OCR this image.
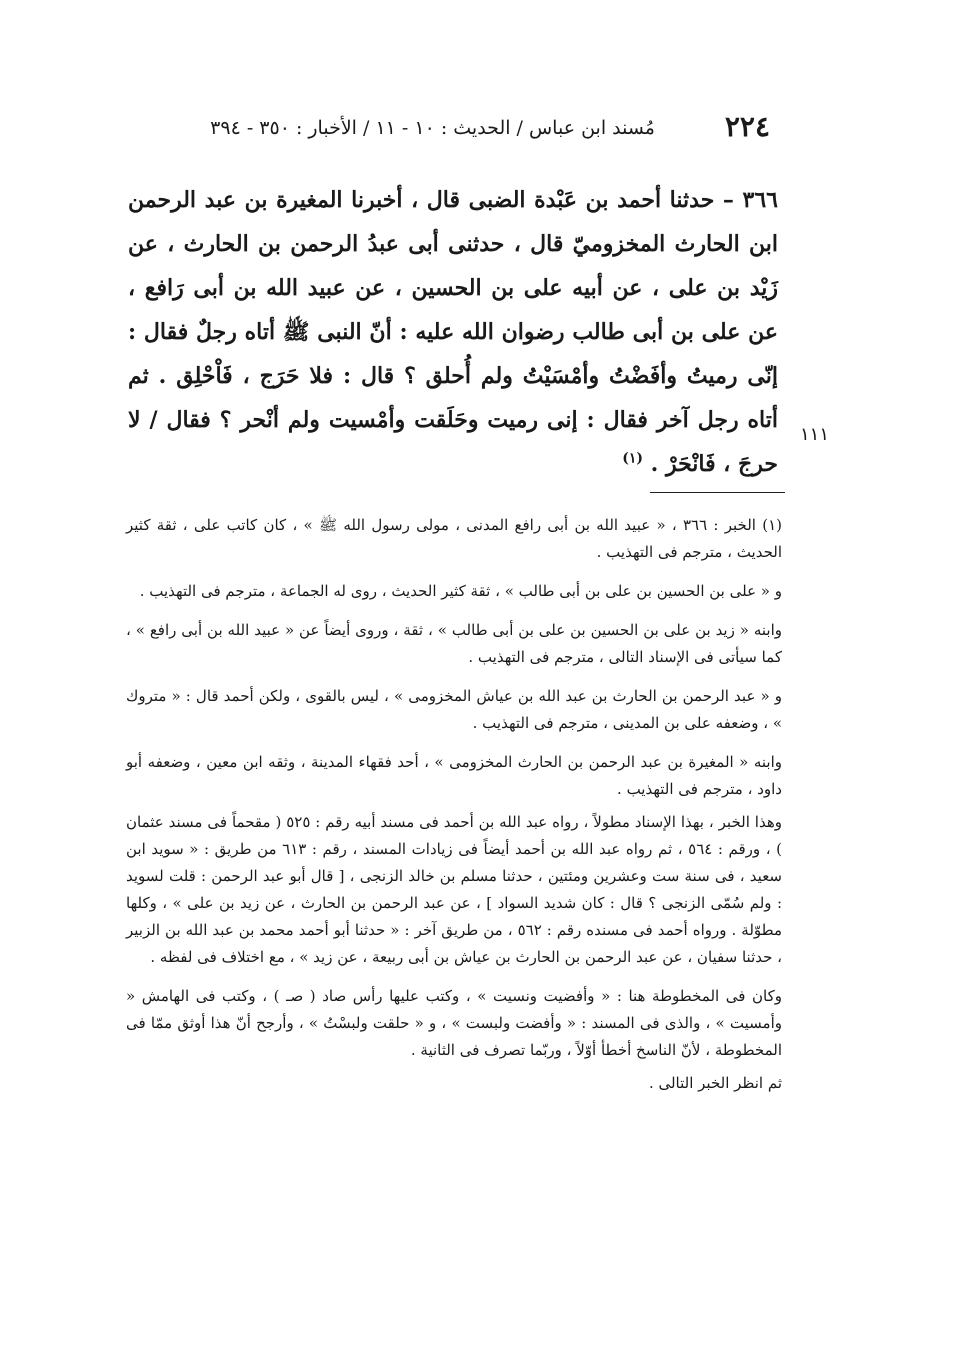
٢٢٤
مُسند ابن عباس / الحديث : ١٠ - ١١ / الأخبار : ٣٥٠ - ٣٩٤

٣٦٦ – حدثنا أحمد بن عَبْدة الضبى قال ، أخبرنا المغيرة بن عبد الرحمن ابن الحارث المخزوميّ قال ، حدثنى أبى عبدُ الرحمن بن الحارث ، عن زَيْد بن على ، عن أبيه على بن الحسين ، عن عبيد الله بن أبى رَافع ، عن على بن أبى طالب رضوان الله عليه : أنّ النبى ﷺ أتاه رجلٌ فقال : إنّى رميتُ وأفَضْتُ وأمْسَيْتُ ولم أُحلق ؟ قال : فلا حَرَج ، فَاْحْلِق . ثم أتاه رجل آخر فقال : إنى رميت وحَلَقت وأمْسيت ولم أنْحر ؟ فقال / لا حرجَ ، فَانْحَرْ . $^{(١)}$

١١١

(١) الخبر : ٣٦٦ ، « عبيد الله بن أبى رافع المدنى ، مولى رسول الله ﷺ » ، كان كاتب على ، ثقة كثير الحديث ، مترجم فى التهذيب .

و « على بن الحسين بن على بن أبى طالب » ، ثقة كثير الحديث ، روى له الجماعة ، مترجم فى التهذيب .

وابنه « زيد بن على بن الحسين بن على بن أبى طالب » ، ثقة ، وروى أيضاً عن « عبيد الله بن أبى رافع » ، كما سيأتى فى الإسناد التالى ، مترجم فى التهذيب .

و « عبد الرحمن بن الحارث بن عبد الله بن عياش المخزومى » ، ليس بالقوى ، ولكن أحمد قال : « متروك » ، وضعفه على بن المدينى ، مترجم فى التهذيب .

وابنه « المغيرة بن عبد الرحمن بن الحارث المخزومى » ، أحد فقهاء المدينة ، وثقه ابن معين ، وضعفه أبو داود ، مترجم فى التهذيب .

وهذا الخبر ، بهذا الإسناد مطولاً ، رواه عبد الله بن أحمد فى مسند أبيه رقم : ٥٢٥ ( مقحماً فى مسند عثمان ) ، ورقم : ٥٦٤ ، ثم رواه عبد الله بن أحمد أيضاً فى زيادات المسند ، رقم : ٦١٣ من طريق : « سويد ابن سعيد ، فى سنة ست وعشرين ومئتين ، حدثنا مسلم بن خالد الزنجى ، [ قال أبو عبد الرحمن : قلت لسويد : ولم سُمّى الزنجى ؟ قال : كان شديد السواد ] ، عن عبد الرحمن بن الحارث ، عن زيد بن على » ، وكلها مطوّلة . ورواه أحمد فى مسنده رقم : ٥٦٢ ، من طريق آخر : « حدثنا أبو أحمد محمد بن عبد الله بن الزبير ، حدثنا سفيان ، عن عبد الرحمن بن الحارث بن عياش بن أبى ربيعة ، عن زيد » ، مع اختلاف فى لفظه .

وكان فى المخطوطة هنا : « وأفضيت ونسيت » ، وكتب عليها رأس صاد ( صـ ) ، وكتب فى الهامش « وأمسيت » ، والذى فى المسند : « وأفضت ولبست » ، و « حلقت ولبسْتُ » ، وأرجح أنّ هذا أوثق ممّا فى المخطوطة ، لأنّ الناسخ أخطأ أوّلاً ، وربّما تصرف فى الثانية .

ثم انظر الخبر التالى .
